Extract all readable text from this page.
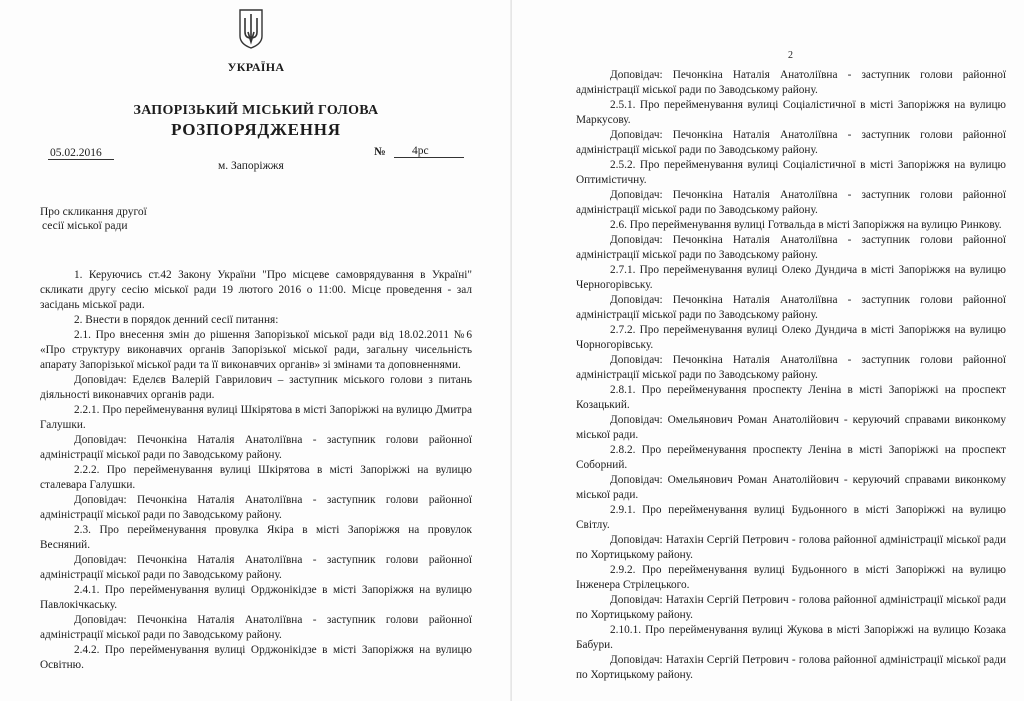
УКРАЇНА
ЗАПОРІЗЬКИЙ МІСЬКИЙ ГОЛОВА
РОЗПОРЯДЖЕННЯ
05.02.2016	№	4рс
м. Запоріжжя
Про скликання другої
сесії міської ради

1. Керуючись ст.42 Закону України "Про місцеве самоврядування в Україні" скликати другу сесію міської ради 19 лютого 2016 о 11:00. Місце проведення - зал засідань міської ради.

2. Внести в порядок денний сесії питання:

2.1. Про внесення змін до рішення Запорізької міської ради від 18.02.2011 №6 «Про структуру виконавчих органів Запорізької міської ради, загальну чисельність апарату Запорізької міської ради та її виконавчих органів» зі змінами та доповненнями.

Доповідач: Еделєв Валерій Гаврилович – заступник міського голови з питань діяльності виконавчих органів ради.

2.2.1. Про перейменування вулиці Шкірятова в місті Запоріжжі на вулицю Дмитра Галушки.

Доповідач: Печонкіна Наталія Анатоліївна - заступник голови районної адміністрації міської ради по Заводському району.

2.2.2. Про перейменування вулиці Шкірятова в місті Запоріжжі на вулицю сталевара Галушки.

Доповідач: Печонкіна Наталія Анатоліївна - заступник голови районної адміністрації міської ради по Заводському району.

2.3. Про перейменування провулка Якіра в місті Запоріжжя на провулок Весняний.

Доповідач: Печонкіна Наталія Анатоліївна - заступник голови районної адміністрації міської ради по Заводському району.

2.4.1. Про перейменування вулиці Орджонікідзе в місті Запоріжжя на вулицю Павлокічкаську.

Доповідач: Печонкіна Наталія Анатоліївна - заступник голови районної адміністрації міської ради по Заводському району.

2.4.2. Про перейменування вулиці Орджонікідзе в місті Запоріжжя на вулицю Освітню.

2

Доповідач: Печонкіна Наталія Анатоліївна - заступник голови районної адміністрації міської ради по Заводському району.

2.5.1. Про перейменування вулиці Соціалістичної в місті Запоріжжя на вулицю Маркусову.

Доповідач: Печонкіна Наталія Анатоліївна - заступник голови районної адміністрації міської ради по Заводському району.

2.5.2. Про перейменування вулиці Соціалістичної в місті Запоріжжя на вулицю Оптимістичну.

Доповідач: Печонкіна Наталія Анатоліївна - заступник голови районної адміністрації міської ради по Заводському району.

2.6. Про перейменування вулиці Готвальда в місті Запоріжжя на вулицю Ринкову.

Доповідач: Печонкіна Наталія Анатоліївна - заступник голови районної адміністрації міської ради по Заводському району.

2.7.1. Про перейменування вулиці Олеко Дундича в місті Запоріжжя на вулицю Черногорівську.

Доповідач: Печонкіна Наталія Анатоліївна - заступник голови районної адміністрації міської ради по Заводському району.

2.7.2. Про перейменування вулиці Олеко Дундича в місті Запоріжжя на вулицю Чорногорівську.

Доповідач: Печонкіна Наталія Анатоліївна - заступник голови районної адміністрації міської ради по Заводському району.

2.8.1. Про перейменування проспекту Леніна в місті Запоріжжі на проспект Козацький.

Доповідач: Омельянович Роман Анатолійович - керуючий справами виконкому міської ради.

2.8.2. Про перейменування проспекту Леніна в місті Запоріжжі на проспект Соборний.

Доповідач: Омельянович Роман Анатолійович - керуючий справами виконкому міської ради.

2.9.1. Про перейменування вулиці Будьонного в місті Запоріжжі на вулицю Світлу.

Доповідач: Натахін Сергій Петрович - голова районної адміністрації міської ради по Хортицькому району.

2.9.2. Про перейменування вулиці Будьонного в місті Запоріжжі на вулицю Інженера Стрілецького.

Доповідач: Натахін Сергій Петрович - голова районної адміністрації міської ради по Хортицькому району.

2.10.1. Про перейменування вулиці Жукова в місті Запоріжжі на вулицю Козака Бабури.

Доповідач: Натахін Сергій Петрович - голова районної адміністрації міської ради по Хортицькому району.
